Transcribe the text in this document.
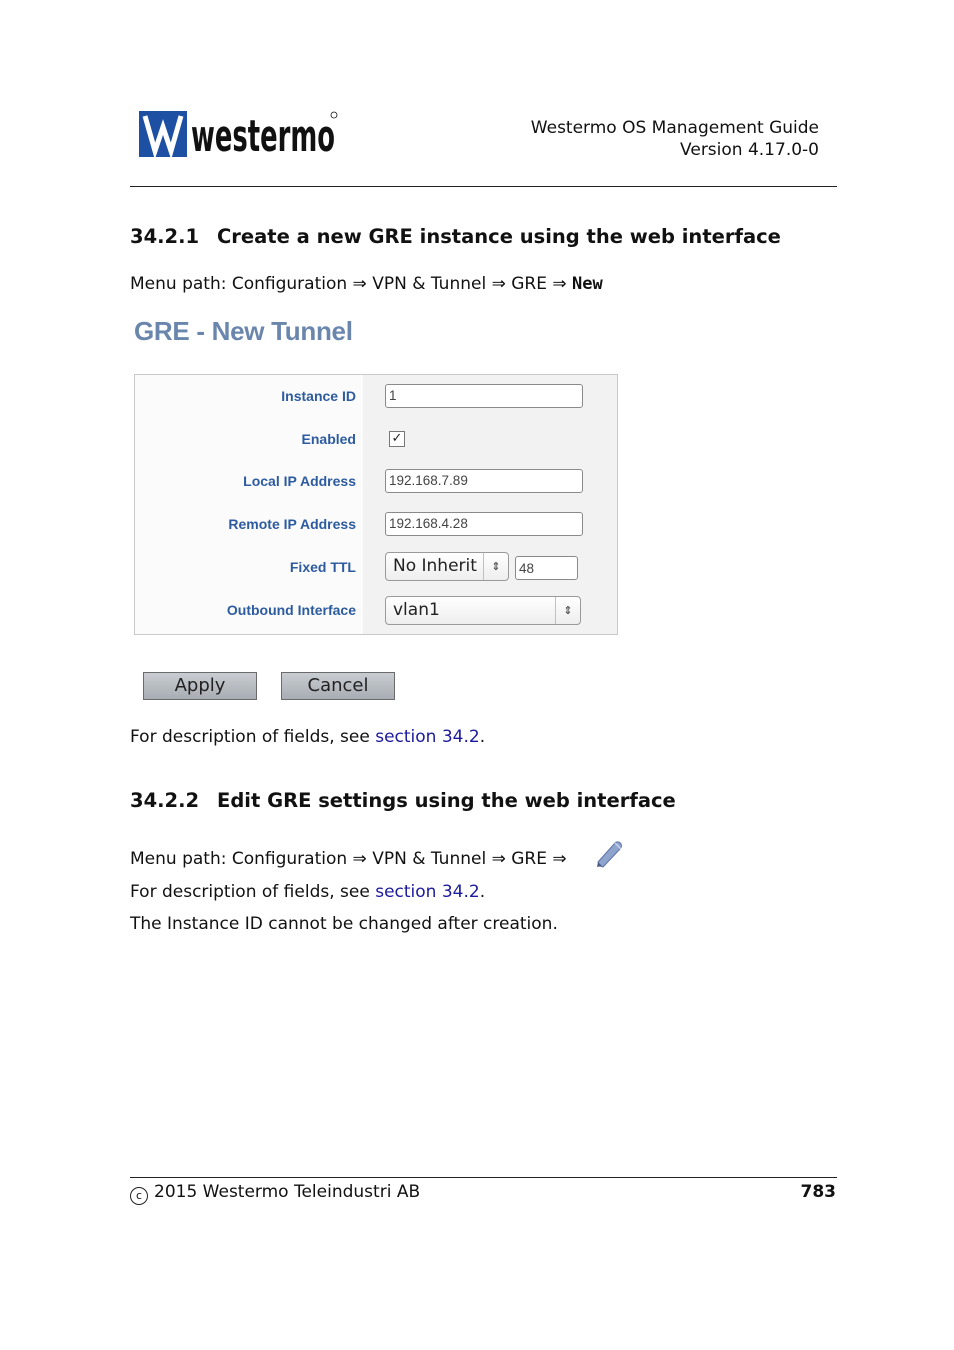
westermo	Westermo OS Management Guide
Version 4.17.0-0
34.2.1 Create a new GRE instance using the web interface
Menu path: Configuration ⇒ VPN & Tunnel ⇒ GRE ⇒ New
GRE - New Tunnel
Instance ID 1
Enabled	✓
Local IP Address 192.168.7.89
Remote IP Address 192.168.4.28
Fixed TTL	No Inherit	⇕	48
Outbound Interface	vlan1	⇕
Apply	Cancel
For description of fields, see section 34.2.
34.2.2 Edit GRE settings using the web interface
Menu path: Configuration ⇒ VPN & Tunnel ⇒ GRE ⇒
For description of fields, see section 34.2.
The Instance ID cannot be changed after creation.
c 2015 Westermo Teleindustri AB	783
